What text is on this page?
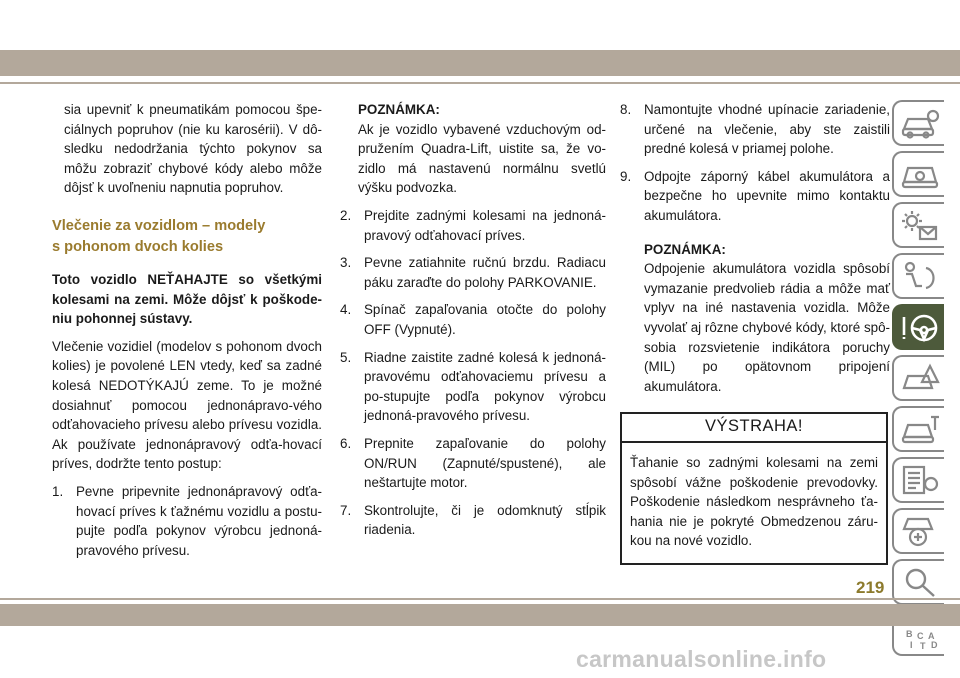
sia upevniť k pneumatikám pomocou špe-ciálnych popruhov (nie ku karosérii). V dô-sledku nedodržania týchto pokynov sa môžu zobraziť chybové kódy alebo môže dôjsť k uvoľneniu napnutia popruhov.

Vlečenie za vozidlom – modely
s pohonom dvoch kolies

Toto vozidlo NEŤAHAJTE so všetkými kolesami na zemi. Môže dôjsť k poškode-niu pohonnej sústavy.

Vlečenie vozidiel (modelov s pohonom dvoch kolies) je povolené LEN vtedy, keď sa zadné kolesá NEDOTÝKAJÚ zeme. To je možné dosiahnuť pomocou jednonápravo-vého odťahovacieho prívesu alebo prívesu vozidla. Ak používate jednonápravový odťa-hovací príves, dodržte tento postup:

1. Pevne pripevnite jednonápravový odťa-hovací príves k ťažnému vozidlu a postu-pujte podľa pokynov výrobcu jednoná-pravového prívesu.
POZNÁMKA:

Ak je vozidlo vybavené vzduchovým od-pružením Quadra-Lift, uistite sa, že vo-zidlo má nastavenú normálnu svetlú výšku podvozka.

2. Prejdite zadnými kolesami na jednoná-pravový odťahovací príves.
3. Pevne zatiahnite ručnú brzdu. Radiacu páku zaraďte do polohy PARKOVANIE.
4. Spínač zapaľovania otočte do polohy OFF (Vypnuté).
5. Riadne zaistite zadné kolesá k jednoná-pravovému odťahovaciemu prívesu a po-stupujte podľa pokynov výrobcu jednoná-pravového prívesu.
6. Prepnite zapaľovanie do polohy ON/RUN (Zapnuté/spustené), ale neštartujte motor.
7. Skontrolujte, či je odomknutý stĺpik riadenia.
8. Namontujte vhodné upínacie zariadenie, určené na vlečenie, aby ste zaistili predné kolesá v priamej polohe.
9. Odpojte záporný kábel akumulátora a bezpečne ho upevnite mimo kontaktu akumulátora.
POZNÁMKA:

Odpojenie akumulátora vozidla spôsobí vymazanie predvolieb rádia a môže mať vplyv na iné nastavenia vozidla. Môže vyvolať aj rôzne chybové kódy, ktoré spô-sobia rozsvietenie indikátora poruchy (MIL) po opätovnom pripojení akumulátora.

VÝSTRAHA!

Ťahanie so zadnými kolesami na zemi spôsobí vážne poškodenie prevodovky. Poškodenie následkom nesprávneho ťa-hania nie je pokryté Obmedzenou záru-kou na nové vozidlo.

B C A
I T D
219
carmanualsonline.info
